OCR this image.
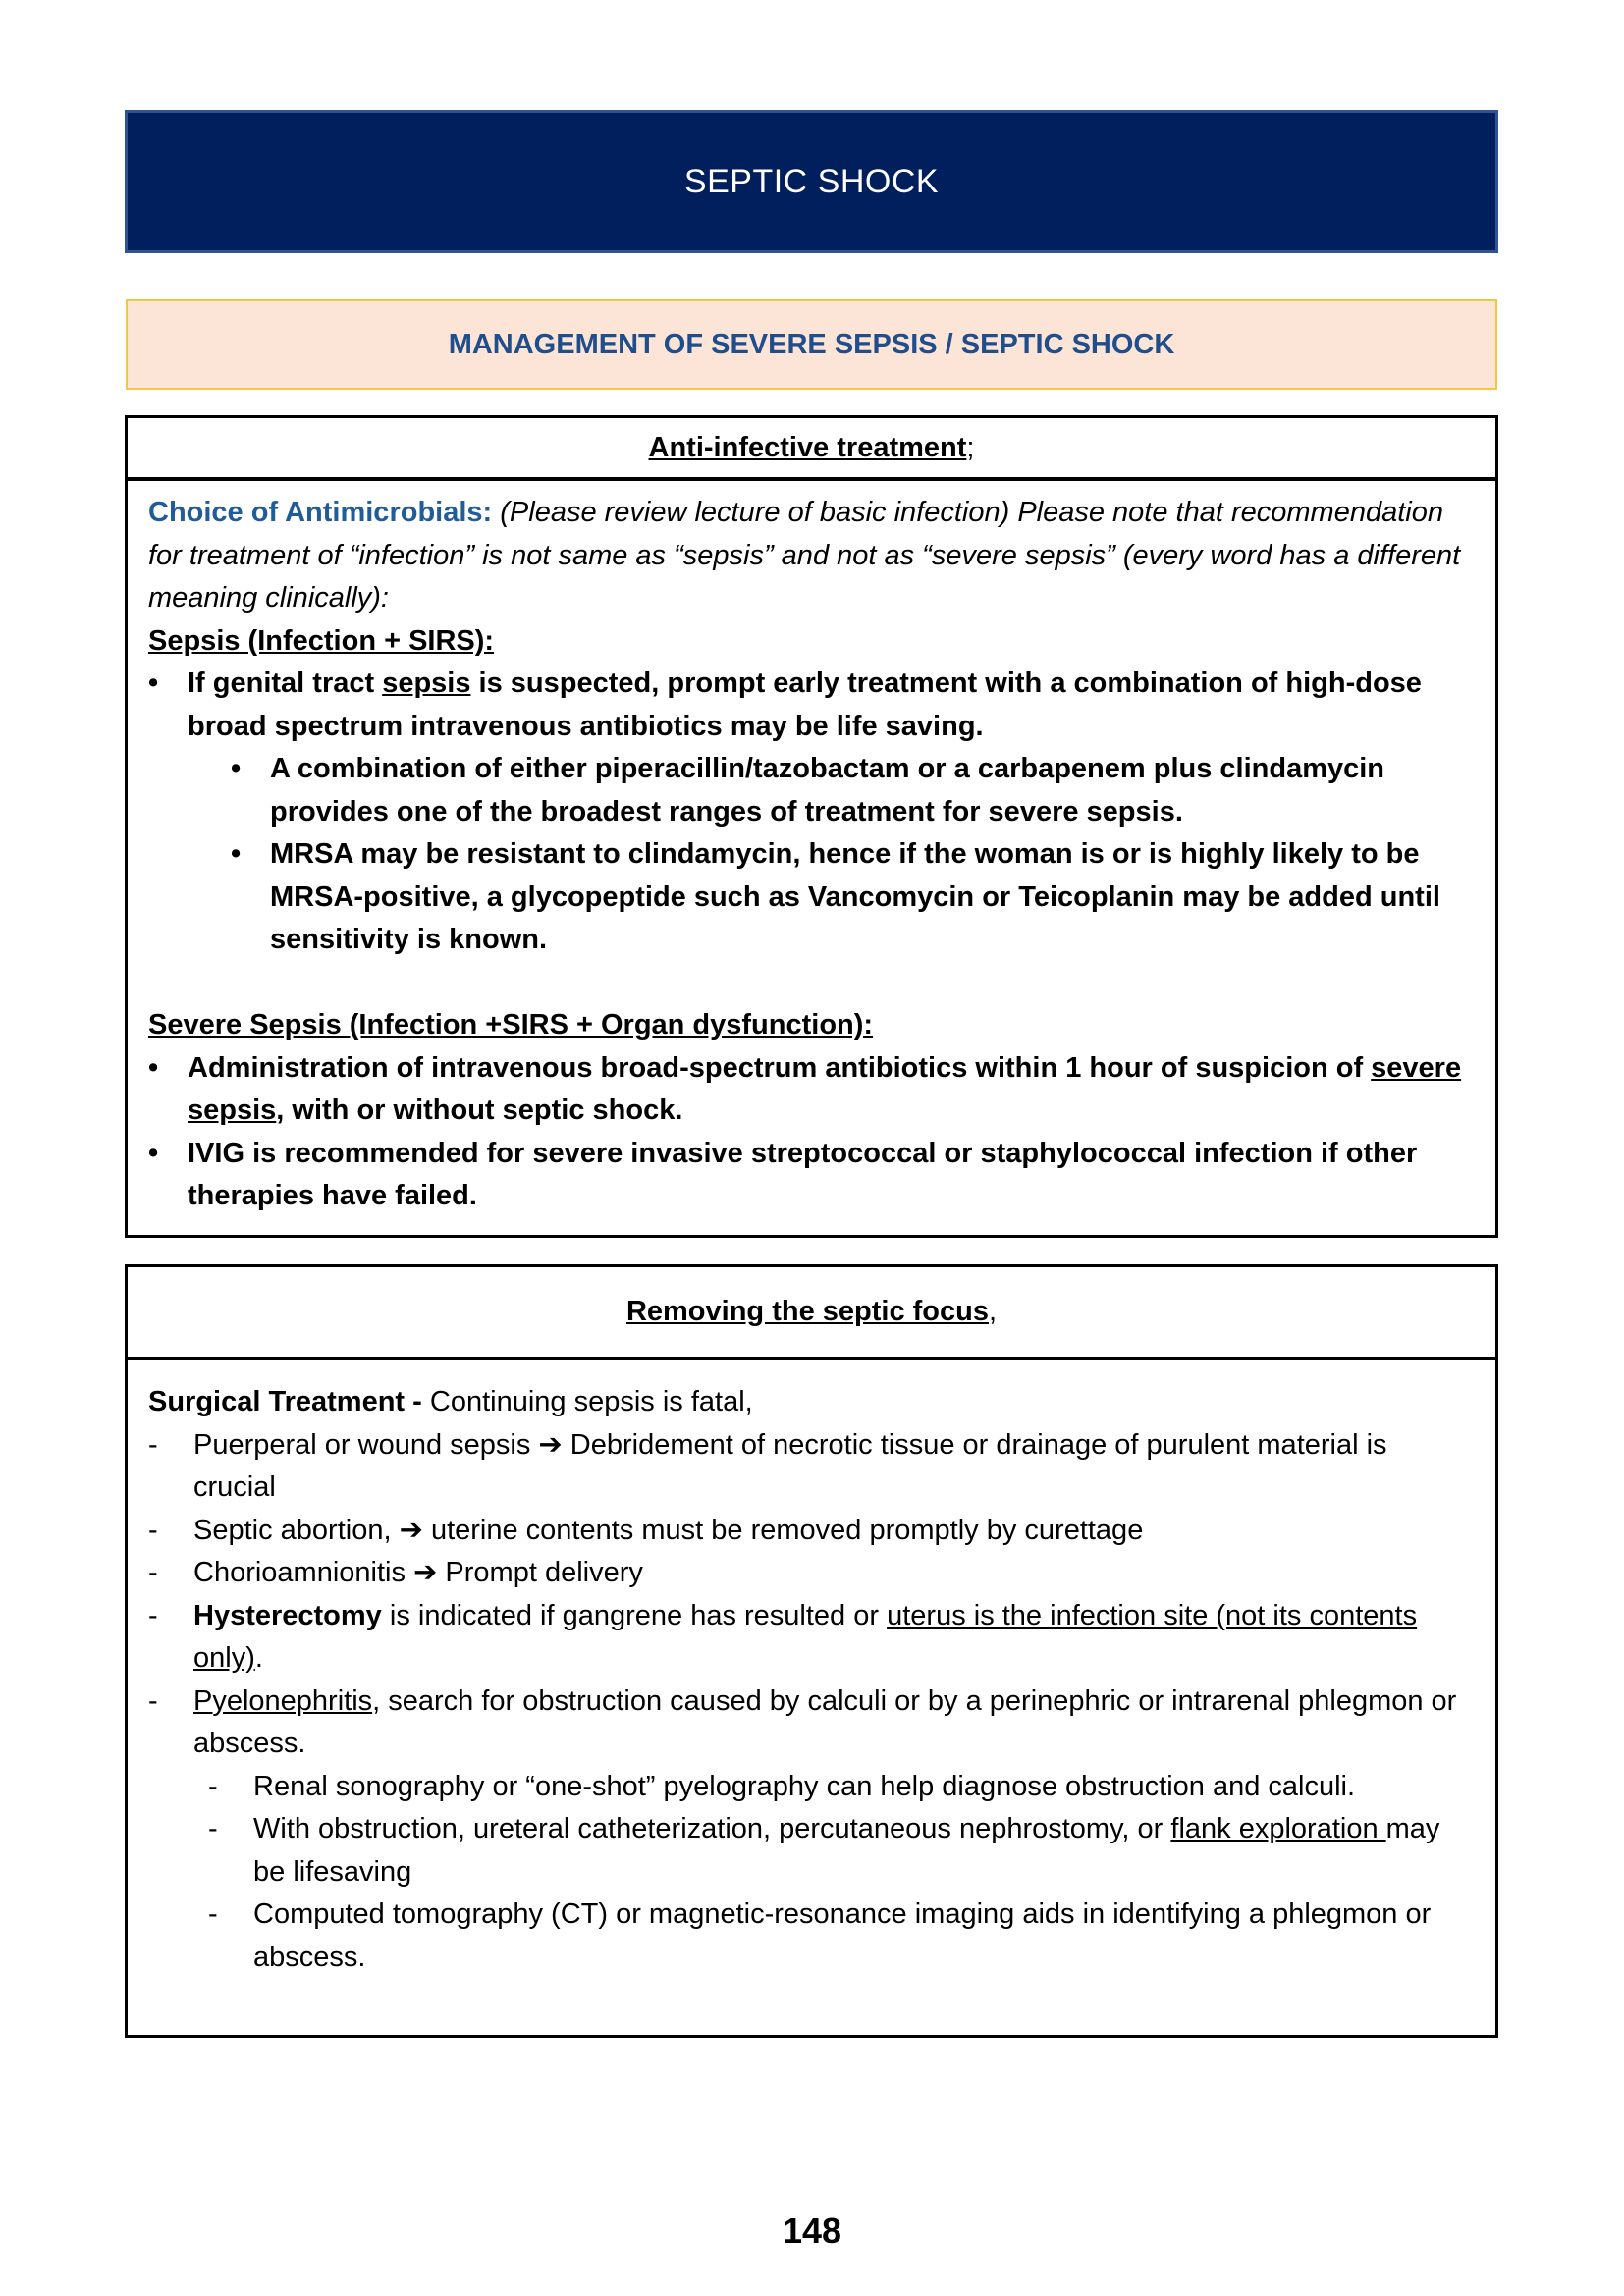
SEPTIC SHOCK
MANAGEMENT OF SEVERE SEPSIS / SEPTIC SHOCK
Anti-infective treatment ;
Choice of Antimicrobials: (Please review lecture of basic infection) Please note that recommendation for treatment of “infection” is not same as “sepsis” and not as “severe sepsis” (every word has a different meaning clinically):
Sepsis (Infection + SIRS):
•	If genital tract sepsis is suspected, prompt early treatment with a combination of high-dose broad spectrum intravenous antibiotics may be life saving.
•	A combination of either piperacillin/tazobactam or a carbapenem plus clindamycin provides one of the broadest ranges of treatment for severe sepsis.
•	MRSA may be resistant to clindamycin, hence if the woman is or is highly likely to be MRSA-positive, a glycopeptide such as Vancomycin or Teicoplanin may be added until sensitivity is known.
Severe Sepsis (Infection +SIRS + Organ dysfunction):
•	Administration of intravenous broad-spectrum antibiotics within 1 hour of suspicion of severe sepsis, with or without septic shock.
•	IVIG is recommended for severe invasive streptococcal or staphylococcal infection if other therapies have failed.
Removing the septic focus ,
Surgical Treatment - Continuing sepsis is fatal,
-	Puerperal or wound sepsis ➔ Debridement of necrotic tissue or drainage of purulent material is crucial
-	Septic abortion, ➔ uterine contents must be removed promptly by curettage
-	Chorioamnionitis ➔ Prompt delivery
-	Hysterectomy is indicated if gangrene has resulted or uterus is the infection site (not its contents only).
-	Pyelonephritis, search for obstruction caused by calculi or by a perinephric or intrarenal phlegmon or abscess.
-	Renal sonography or “one-shot” pyelography can help diagnose obstruction and calculi.
-	With obstruction, ureteral catheterization, percutaneous nephrostomy, or flank exploration may be lifesaving
-	Computed tomography (CT) or magnetic-resonance imaging aids in identifying a phlegmon or abscess.
148
